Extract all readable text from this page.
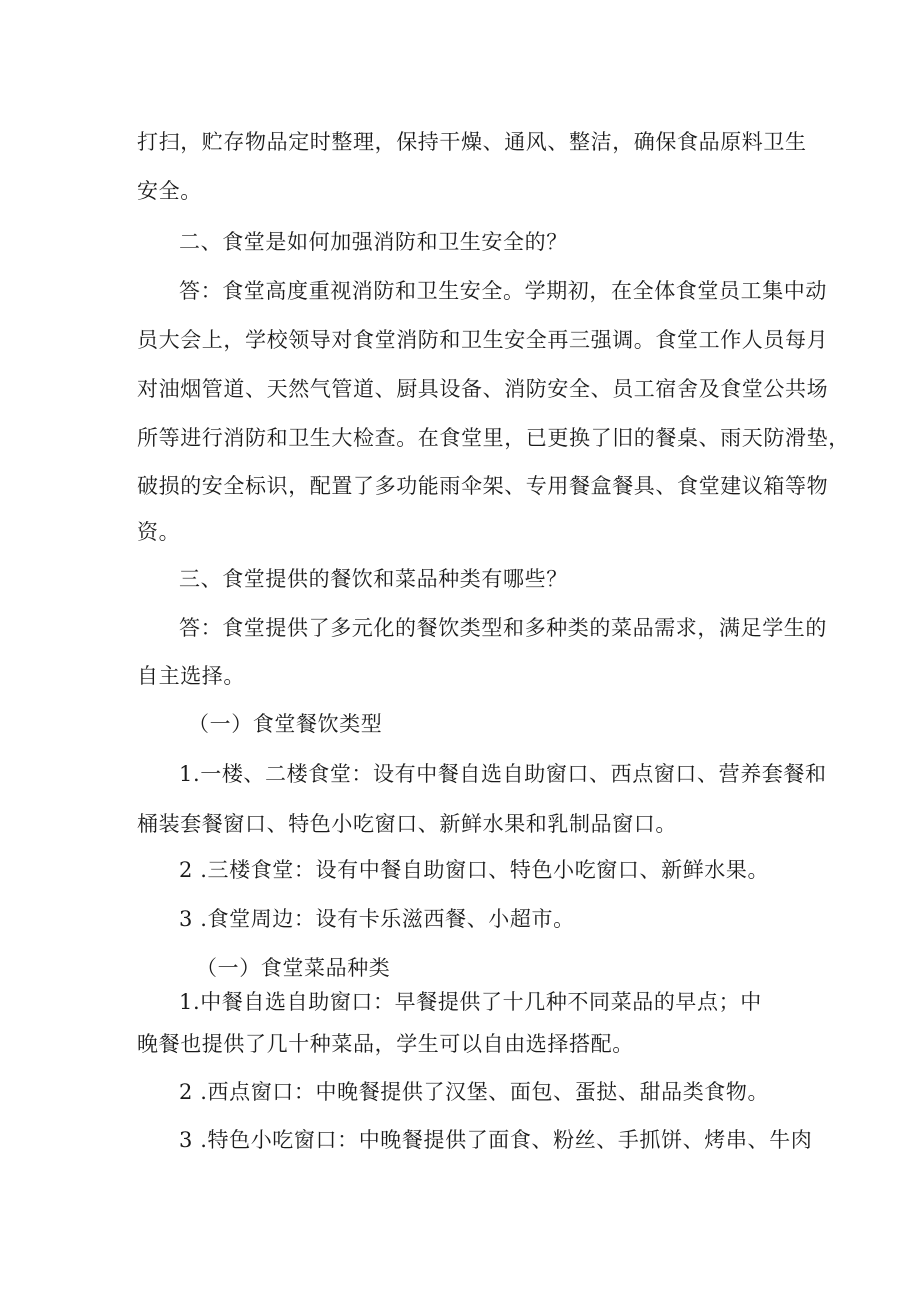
打扫，贮存物品定时整理，保持干燥、通风、整洁，确保食品原料卫生
安全。
二、食堂是如何加强消防和卫生安全的？
答：食堂高度重视消防和卫生安全。学期初，在全体食堂员工集中动
员大会上，学校领导对食堂消防和卫生安全再三强调。食堂工作人员每月
对油烟管道、天然气管道、厨具设备、消防安全、员工宿舍及食堂公共场
所等进行消防和卫生大检查。在食堂里，已更换了旧的餐桌、雨天防滑垫，
破损的安全标识，配置了多功能雨伞架、专用餐盒餐具、食堂建议箱等物
资。
三、食堂提供的餐饮和菜品种类有哪些？
答：食堂提供了多元化的餐饮类型和多种类的菜品需求，满足学生的
自主选择。
（一）食堂餐饮类型
1.一楼、二楼食堂：设有中餐自选自助窗口、西点窗口、营养套餐和
桶装套餐窗口、特色小吃窗口、新鲜水果和乳制品窗口。
2 .三楼食堂：设有中餐自助窗口、特色小吃窗口、新鲜水果。
3 .食堂周边：设有卡乐滋西餐、小超市。
（一）食堂菜品种类
1.中餐自选自助窗口：早餐提供了十几种不同菜品的早点；中
晚餐也提供了几十种菜品，学生可以自由选择搭配。
2 .西点窗口：中晚餐提供了汉堡、面包、蛋挞、甜品类食物。
3 .特色小吃窗口：中晚餐提供了面食、粉丝、手抓饼、烤串、牛肉
